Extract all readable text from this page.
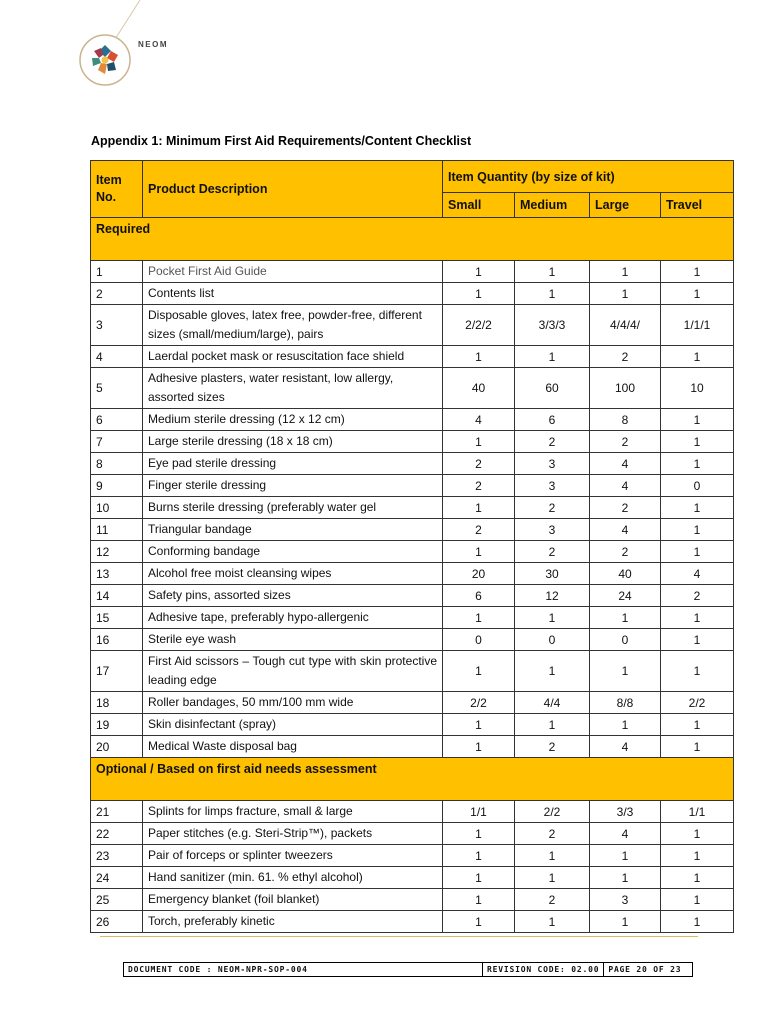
NEOM
Appendix 1: Minimum First Aid Requirements/Content Checklist
Item No.	Product Description	Item Quantity (by size of kit)			
		Small	Medium	Large	Travel
Required					
1	Pocket First Aid Guide	1	1	1	1
2	Contents list	1	1	1	1
3	Disposable gloves, latex free, powder-free, different sizes (small/medium/large), pairs	2/2/2	3/3/3	4/4/4/	1/1/1
4	Laerdal pocket mask or resuscitation face shield	1	1	2	1
5	Adhesive plasters, water resistant, low allergy, assorted sizes	40	60	100	10
6	Medium sterile dressing (12 x 12 cm)	4	6	8	1
7	Large sterile dressing (18 x 18 cm)	1	2	2	1
8	Eye pad sterile dressing	2	3	4	1
9	Finger sterile dressing	2	3	4	0
10	Burns sterile dressing (preferably water gel	1	2	2	1
11	Triangular bandage	2	3	4	1
12	Conforming bandage	1	2	2	1
13	Alcohol free moist cleansing wipes	20	30	40	4
14	Safety pins, assorted sizes	6	12	24	2
15	Adhesive tape, preferably hypo-allergenic	1	1	1	1
16	Sterile eye wash	0	0	0	1
17	First Aid scissors – Tough cut type with skin protective leading edge	1	1	1	1
18	Roller bandages, 50 mm/100 mm wide	2/2	4/4	8/8	2/2
19	Skin disinfectant (spray)	1	1	1	1
20	Medical Waste disposal bag	1	2	4	1
Optional / Based on first aid needs assessment					
21	Splints for limps fracture, small & large	1/1	2/2	3/3	1/1
22	Paper stitches (e.g. Steri-Strip™), packets	1	2	4	1
23	Pair of forceps or splinter tweezers	1	1	1	1
24	Hand sanitizer (min. 61. % ethyl alcohol)	1	1	1	1
25	Emergency blanket (foil blanket)	1	2	3	1
26	Torch, preferably kinetic	1	1	1	1
DOCUMENT CODE : NEOM-NPR-SOP-004	REVISION CODE: 02.00	PAGE 20 OF 23
